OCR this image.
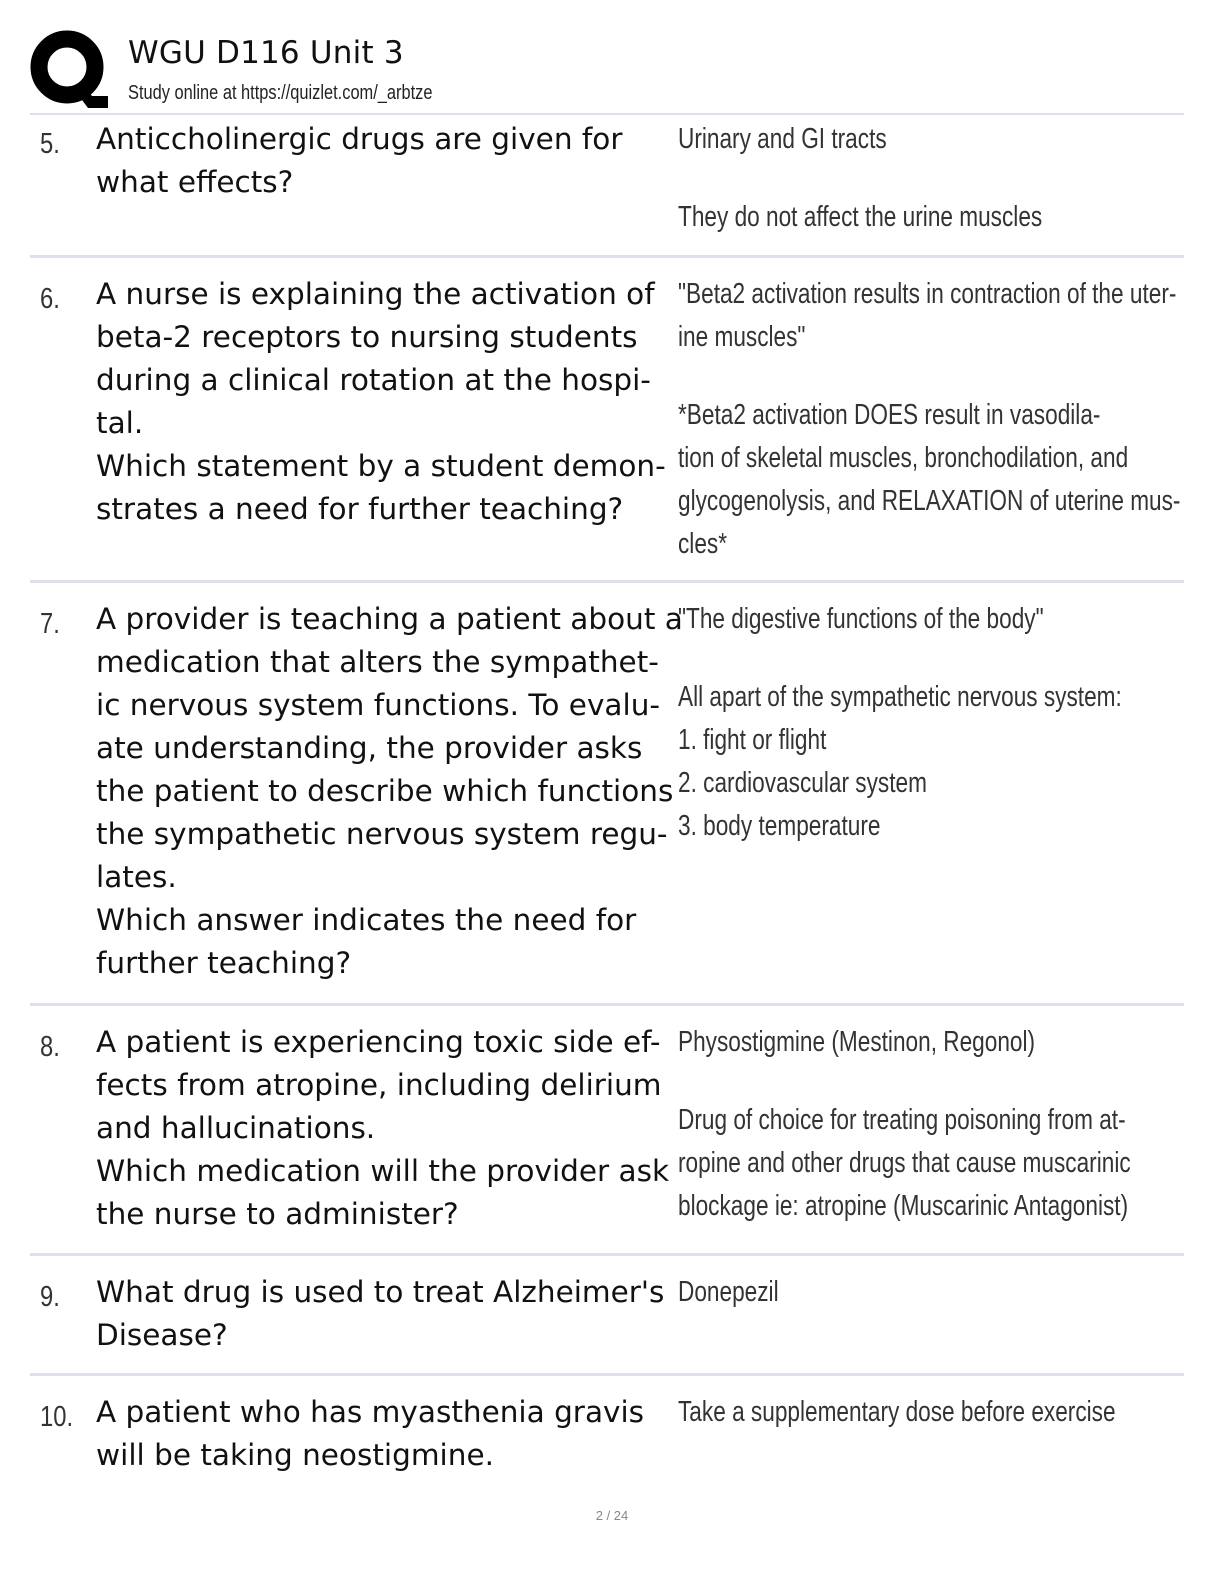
WGU D116 Unit 3
Study online at https://quizlet.com/_arbtze
5. Anticcholinergic drugs are given for
what effects?
Urinary and GI tracts
They do not affect the urine muscles
6. A nurse is explaining the activation of
beta-2 receptors to nursing students
during a clinical rotation at the hospi-
tal.
Which statement by a student demon-
strates a need for further teaching?
"Beta2 activation results in contraction of the uter-
ine muscles"
*Beta2 activation DOES result in vasodila-
tion of skeletal muscles, bronchodilation, and
glycogenolysis, and RELAXATION of uterine mus-
cles*
7. A provider is teaching a patient about a
medication that alters the sympathet-
ic nervous system functions. To evalu-
ate understanding, the provider asks
the patient to describe which functions
the sympathetic nervous system regu-
lates.
Which answer indicates the need for
further teaching?
"The digestive functions of the body"
All apart of the sympathetic nervous system:
1. fight or flight
2. cardiovascular system
3. body temperature
8. A patient is experiencing toxic side ef-
fects from atropine, including delirium
and hallucinations.
Which medication will the provider ask
the nurse to administer?
Physostigmine (Mestinon, Regonol)
Drug of choice for treating poisoning from at-
ropine and other drugs that cause muscarinic
blockage ie: atropine (Muscarinic Antagonist)
9. What drug is used to treat Alzheimer's
Disease?
Donepezil
10. A patient who has myasthenia gravis
will be taking neostigmine.
Take a supplementary dose before exercise
2 / 24
